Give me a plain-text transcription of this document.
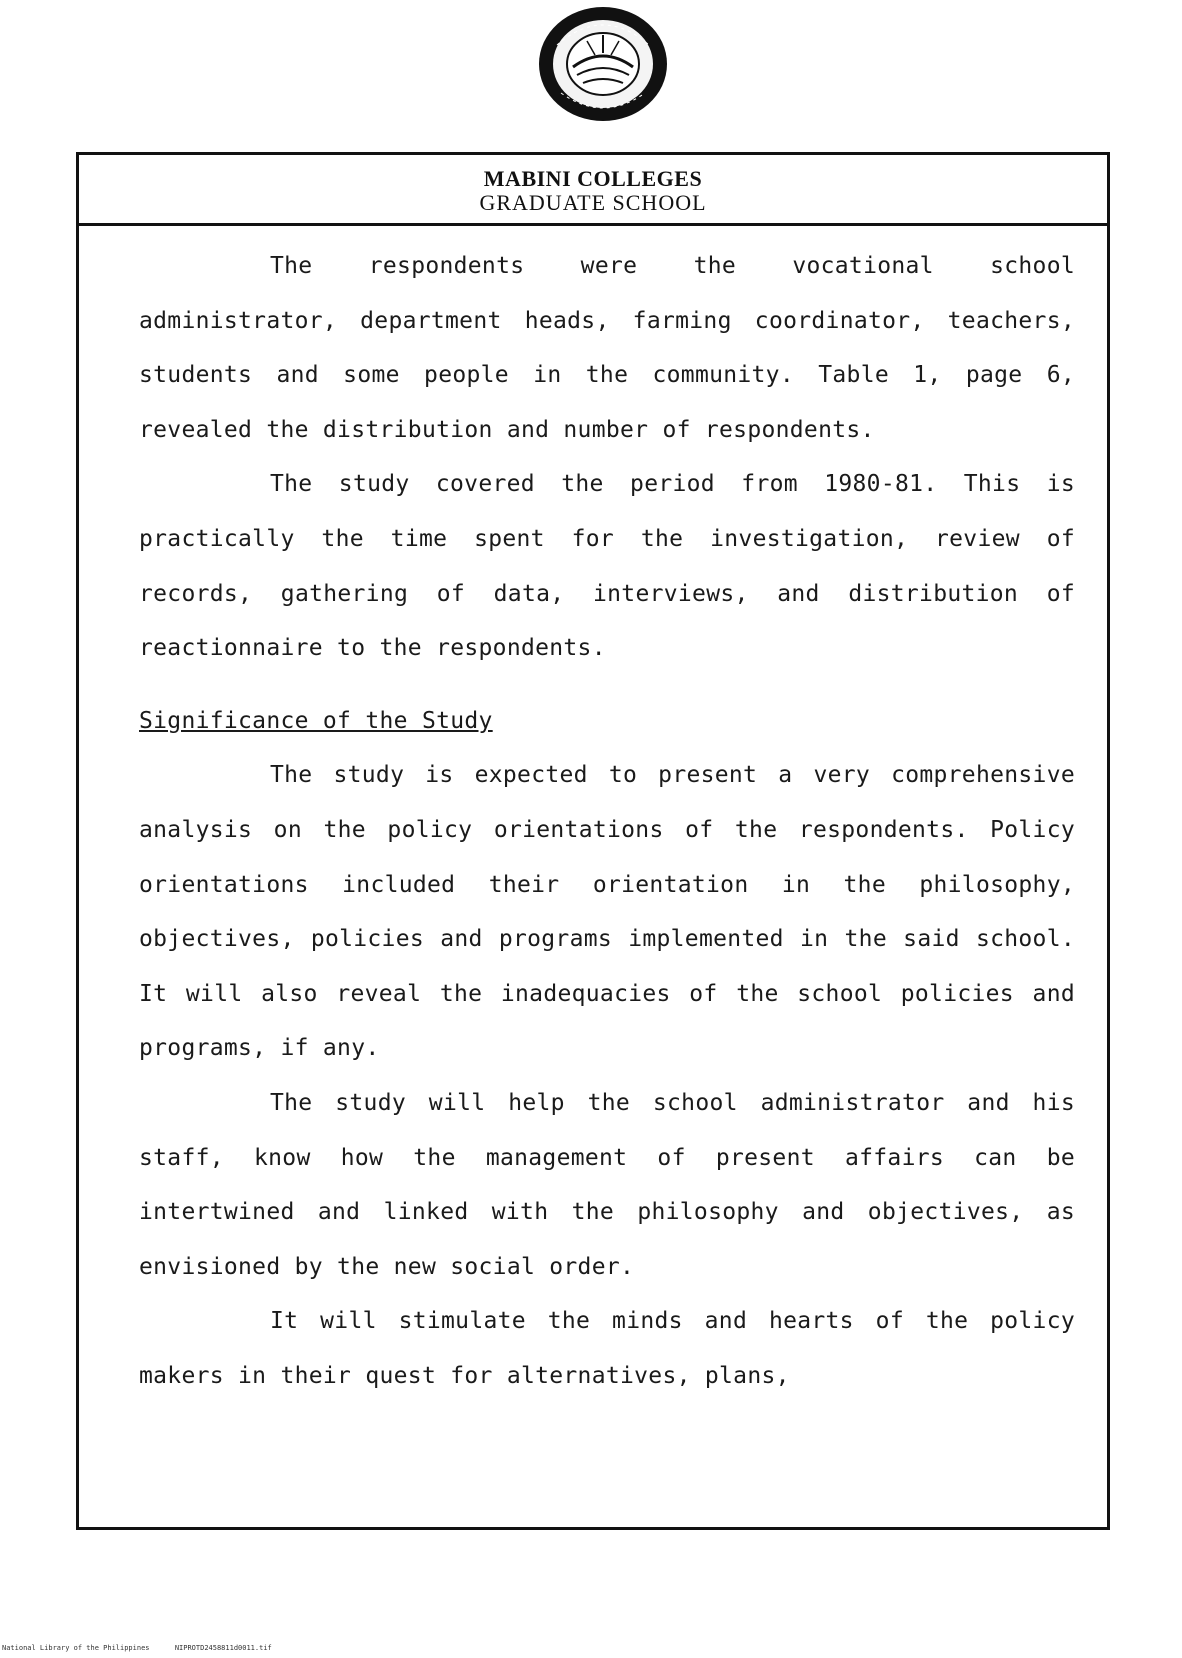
MABINI COLLEGES
GRADUATE SCHOOL

The respondents were the vocational school administrator, department heads, farming coordinator, teachers, students and some people in the community. Table 1, page 6, revealed the distribution and number of respondents.

The study covered the period from 1980-81. This is practically the time spent for the investigation, review of records, gathering of data, interviews, and distribution of reactionnaire to the respondents.

Significance of the Study

The study is expected to present a very comprehensive analysis on the policy orientations of the respondents. Policy orientations included their orientation in the philosophy, objectives, policies and programs implemented in the said school. It will also reveal the inadequacies of the school policies and programs, if any.

The study will help the school administrator and his staff, know how the management of present affairs can be intertwined and linked with the philosophy and objectives, as envisioned by the new social order.

It will stimulate the minds and hearts of the policy makers in their quest for alternatives, plans,

National Library of the Philippines	NIPROTD2458811d0011.tif
